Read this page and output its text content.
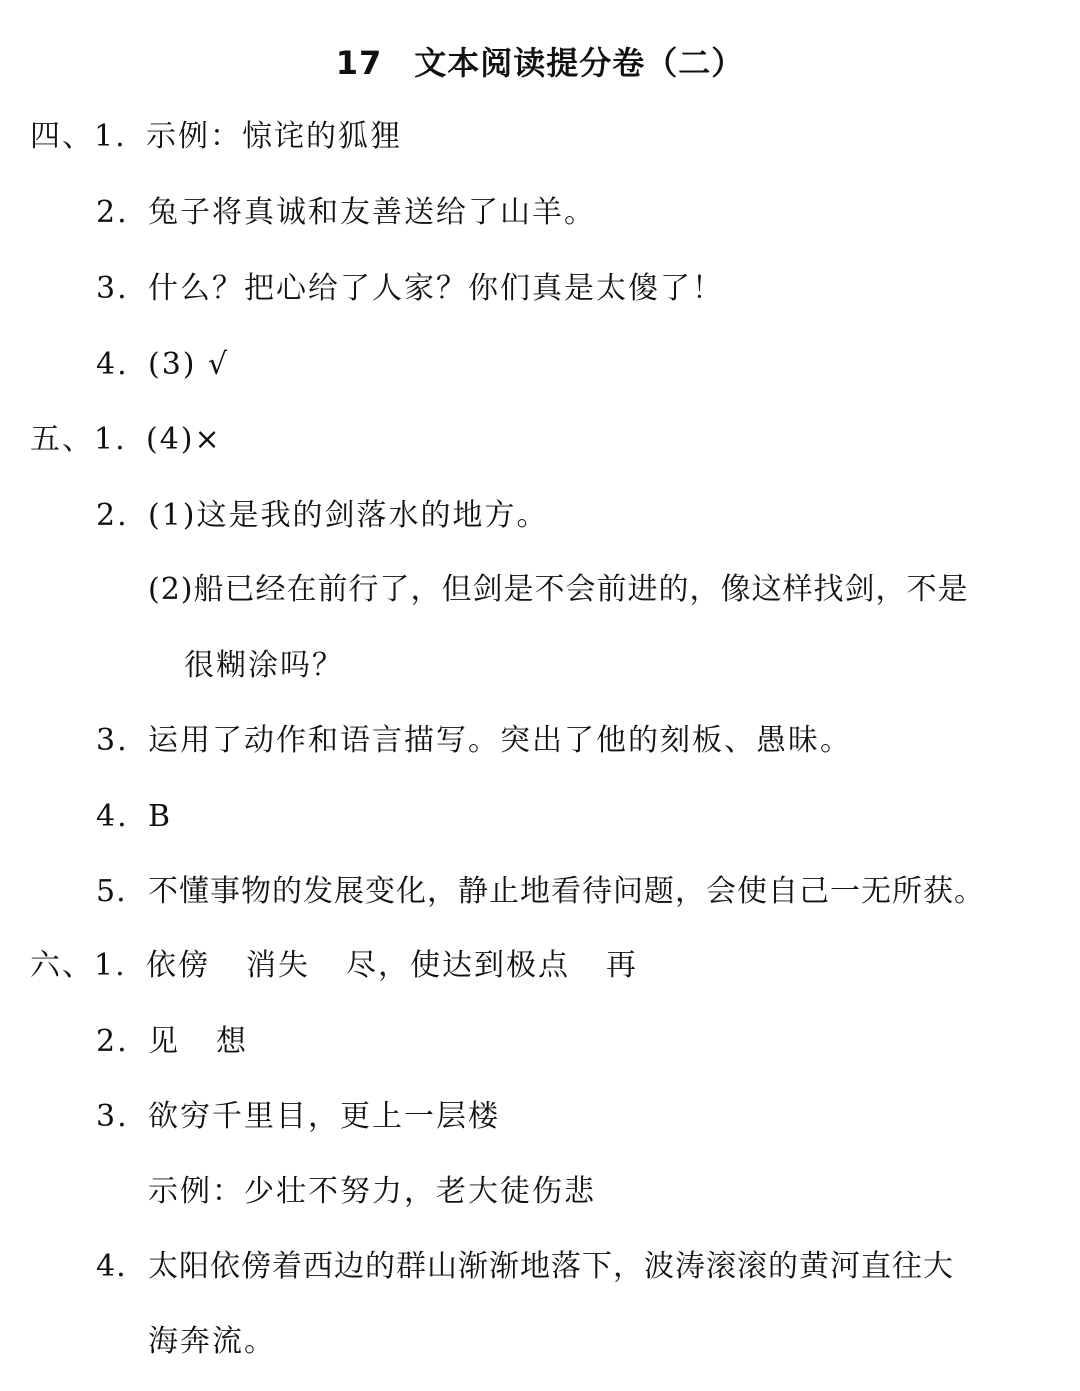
17 文本阅读提分卷（二）
四、1. 示例：惊诧的狐狸
2. 兔子将真诚和友善送给了山羊。
3. 什么？把心给了人家？你们真是太傻了！
4. (3) √
五、1. (4)×
2. (1)这是我的剑落水的地方。
(2)船已经在前行了，但剑是不会前进的，像这样找剑，不是
很糊涂吗？
3. 运用了动作和语言描写。突出了他的刻板、愚昧。
4. B
5. 不懂事物的发展变化，静止地看待问题，会使自己一无所获。
六、1. 依傍 消失 尽，使达到极点 再
2. 见 想
3. 欲穷千里目，更上一层楼
示例：少壮不努力，老大徒伤悲
4. 太阳依傍着西边的群山渐渐地落下，波涛滚滚的黄河直往大
海奔流。
